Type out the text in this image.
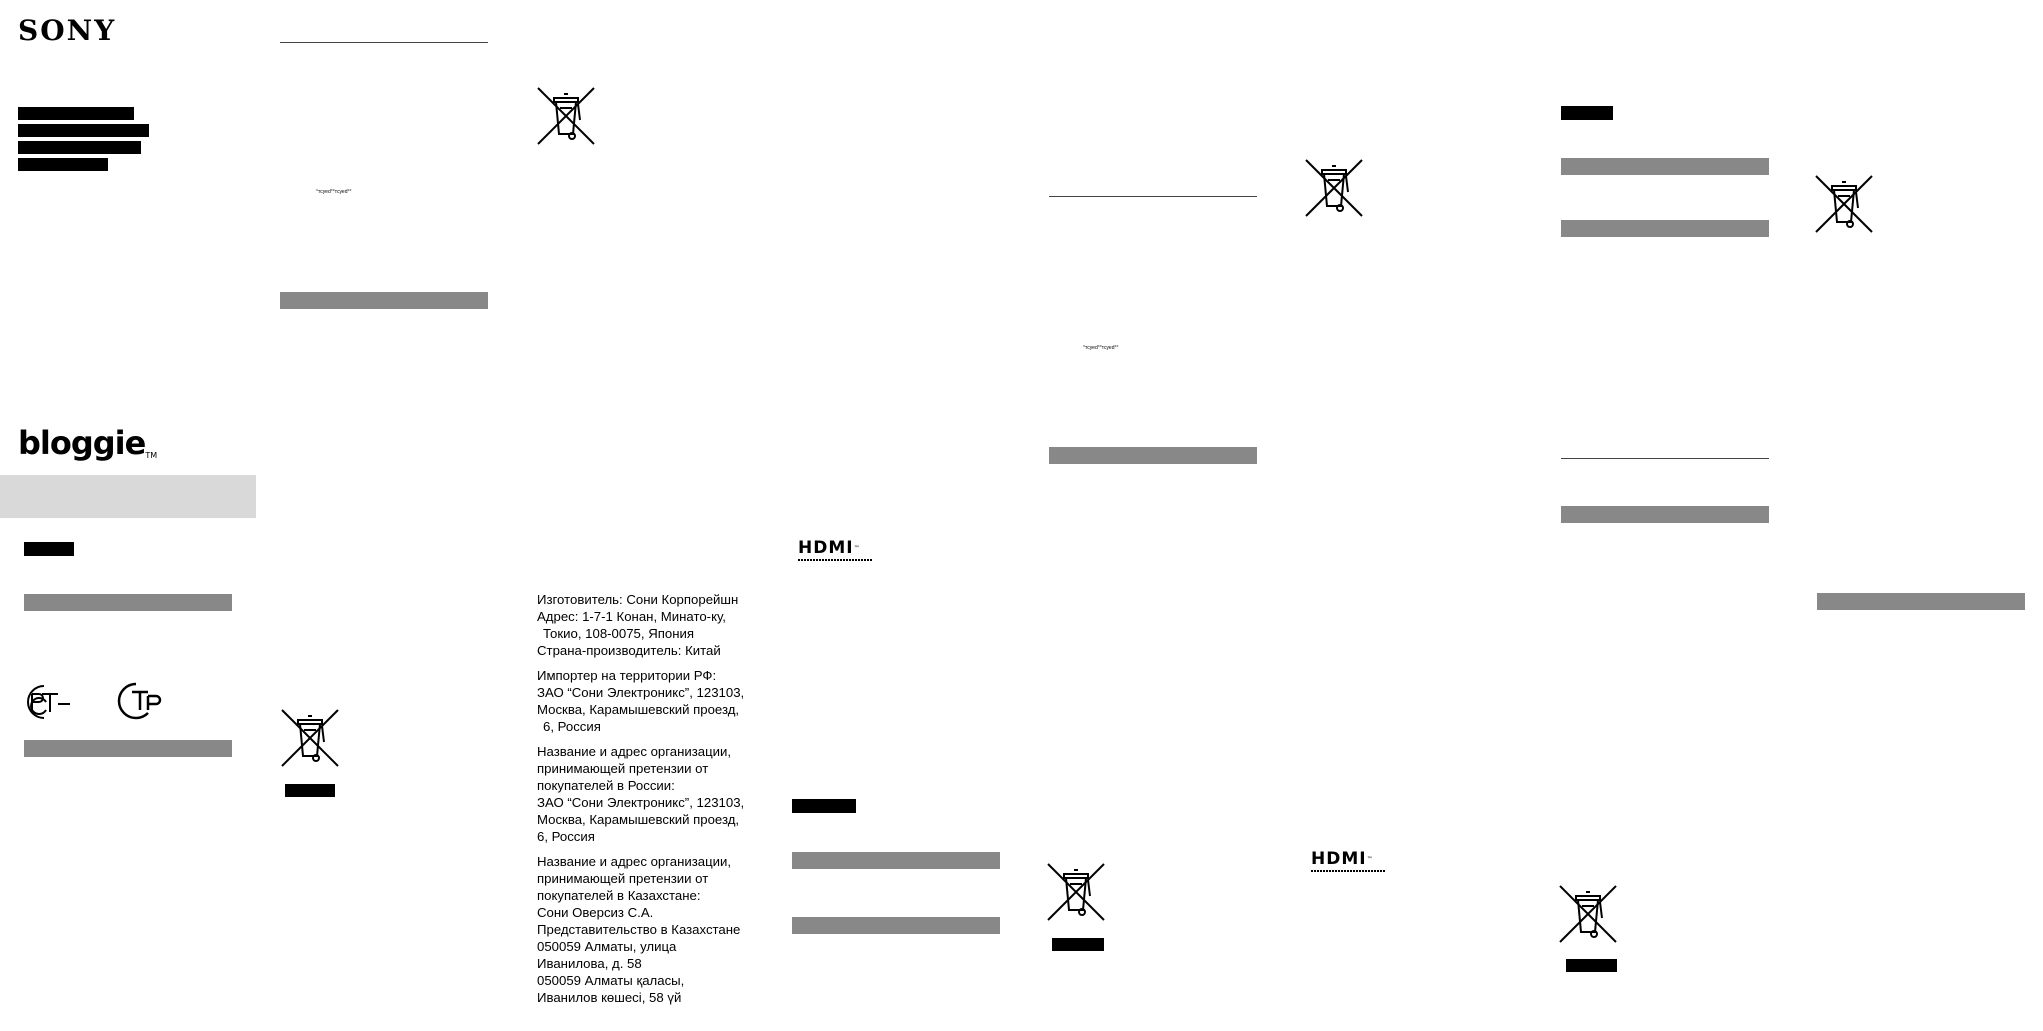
SONY
bloggie™
°тсуеd°°тсуеd°°

Изготовитель: Сони Корпорейшн
Адрес: 1-7-1 Конан, Минато-ку,
Токио, 108-0075, Япония
Страна-производитель: Китай

Импортер на территории РФ:
ЗАО “Сони Электроникс”, 123103,
Москва, Карамышевский проезд,
6, Россия

Название и адрес организации,
принимающей претензии от
покупателей в России:
ЗАО “Сони Электроникс”, 123103,
Москва, Карамышевский проезд,
6, Россия

Название и адрес организации,
принимающей претензии от
покупателей в Казахстане:
Сони Оверсиз С.А.
Представительство в Казахстане
050059 Алматы, улица
Иванилова, д. 58
050059 Алматы қаласы,
Иванилов көшесі, 58 үй

HDMI™
°тсуеd°°тсуеd°°
HDMI™
